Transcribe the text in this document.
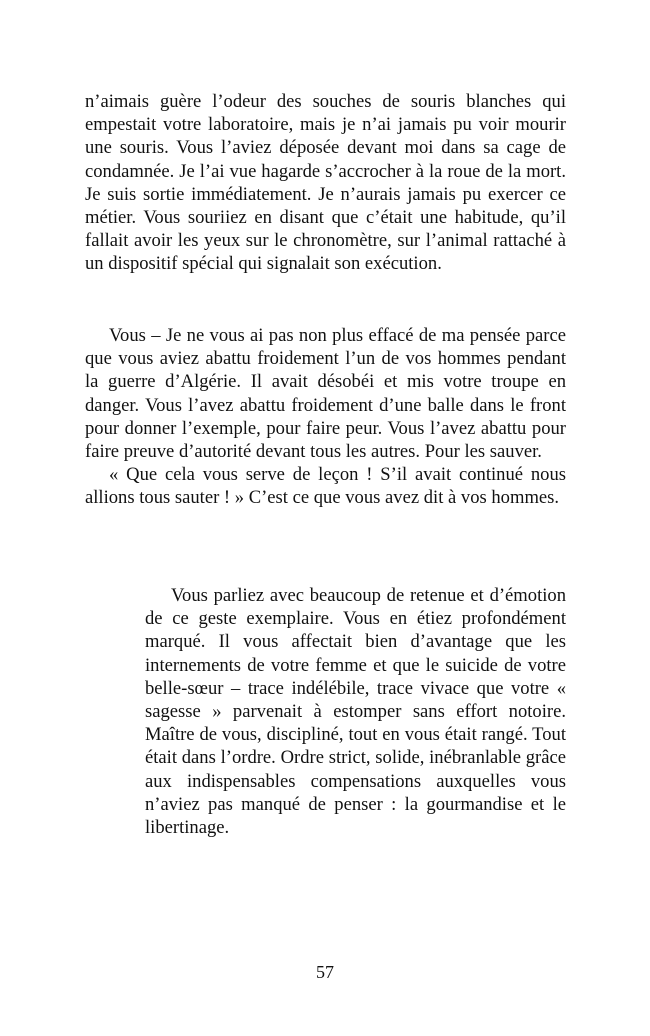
n’aimais guère l’odeur des souches de souris blanches qui empestait votre laboratoire, mais je n’ai jamais pu voir mourir une souris. Vous l’aviez déposée devant moi dans sa cage de condamnée. Je l’ai vue hagarde s’accrocher à la roue de la mort. Je suis sortie immédiatement. Je n’aurais jamais pu exercer ce métier. Vous souriiez en disant que c’était une habitude, qu’il fallait avoir les yeux sur le chronomètre, sur l’animal rattaché à un dispositif spécial qui signalait son exécution.

Vous – Je ne vous ai pas non plus effacé de ma pensée parce que vous aviez abattu froidement l’un de vos hommes pendant la guerre d’Algérie. Il avait désobéi et mis votre troupe en danger. Vous l’avez abattu froidement d’une balle dans le front pour donner l’exemple, pour faire peur. Vous l’avez abattu pour faire preuve d’autorité devant tous les autres. Pour les sauver.

« Que cela vous serve de leçon ! S’il avait continué nous allions tous sauter ! » C’est ce que vous avez dit à vos hommes.

Vous parliez avec beaucoup de retenue et d’émotion de ce geste exemplaire. Vous en étiez profondément marqué. Il vous affectait bien d’avantage que les internements de votre femme et que le suicide de votre belle-sœur – trace indélébile, trace vivace que votre « sagesse » parvenait à estomper sans effort notoire. Maître de vous, discipliné, tout en vous était rangé. Tout était dans l’ordre. Ordre strict, solide, inébranlable grâce aux indispensables compensations auxquelles vous n’aviez pas manqué de penser : la gourmandise et le libertinage.

57
